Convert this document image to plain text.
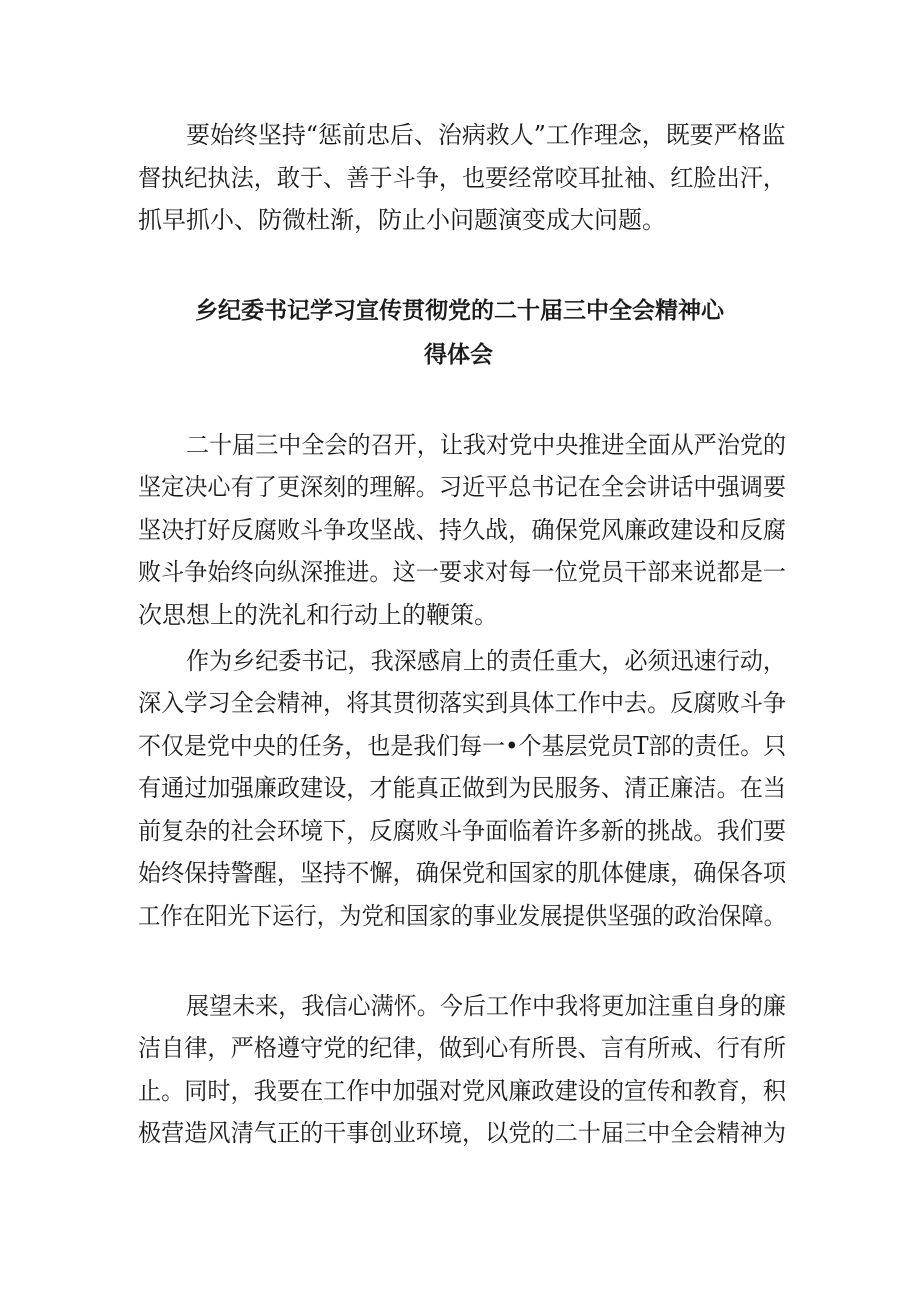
要始终坚持“惩前忠后、治病救人”工作理念，既要严格监
督执纪执法，敢于、善于斗争，也要经常咬耳扯袖、红脸出汗，
抓早抓小、防微杜渐，防止小问题演变成大问题。
乡纪委书记学习宣传贯彻党的二十届三中全会精神心
得体会
二十届三中全会的召开，让我对党中央推进全面从严治党的
坚定决心有了更深刻的理解。习近平总书记在全会讲话中强调要
坚决打好反腐败斗争攻坚战、持久战，确保党风廉政建设和反腐
败斗争始终向纵深推进。这一要求对每一位党员干部来说都是一
次思想上的洗礼和行动上的鞭策。
作为乡纪委书记，我深感肩上的责任重大，必须迅速行动，
深入学习全会精神，将其贯彻落实到具体工作中去。反腐败斗争
不仅是党中央的任务，也是我们每一•个基层党员T部的责任。只
有通过加强廉政建设，才能真正做到为民服务、清正廉洁。在当
前复杂的社会环境下，反腐败斗争面临着许多新的挑战。我们要
始终保持警醒，坚持不懈，确保党和国家的肌体健康，确保各项
工作在阳光下运行，为党和国家的事业发展提供坚强的政治保障。
展望未来，我信心满怀。今后工作中我将更加注重自身的廉
洁自律，严格遵守党的纪律，做到心有所畏、言有所戒、行有所
止。同时，我要在工作中加强对党风廉政建设的宣传和教育，积
极营造风清气正的干事创业环境，以党的二十届三中全会精神为
